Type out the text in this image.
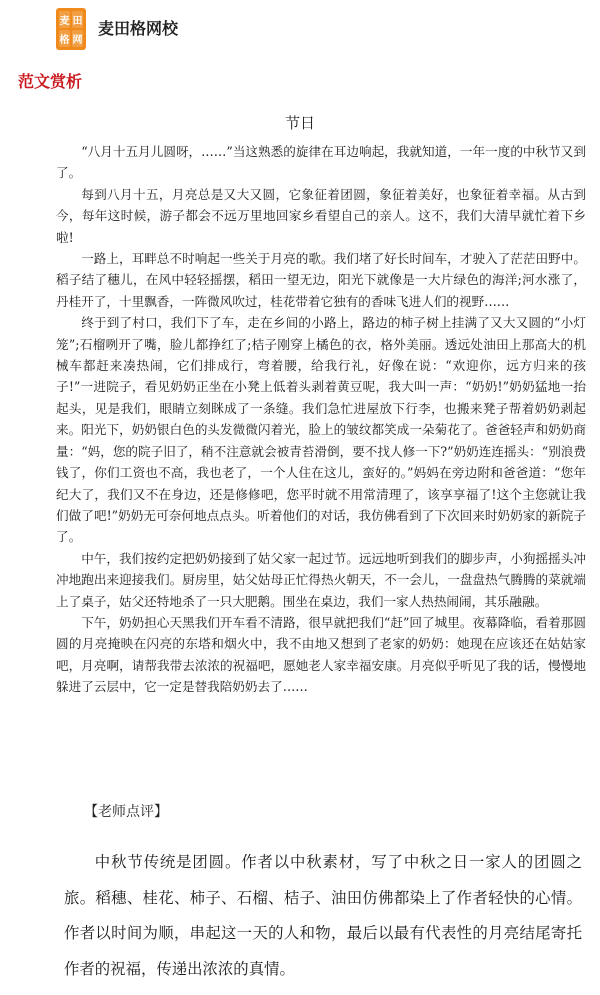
麦 田
格 网
麦田格网校
范文赏析
节日

“八月十五月儿圆呀，……”当这熟悉的旋律在耳边响起，我就知道，一年一度的中秋节又到了。

每到八月十五，月亮总是又大又圆，它象征着团圆，象征着美好，也象征着幸福。从古到今，每年这时候，游子都会不远万里地回家乡看望自己的亲人。这不，我们大清早就忙着下乡啦!

一路上，耳畔总不时响起一些关于月亮的歌。我们堵了好长时间车，才驶入了茫茫田野中。稻子结了穗儿，在风中轻轻摇摆，稻田一望无边，阳光下就像是一大片绿色的海洋;河水涨了，丹桂开了，十里飘香，一阵微风吹过，桂花带着它独有的香味飞进人们的视野……

终于到了村口，我们下了车，走在乡间的小路上，路边的柿子树上挂满了又大又圆的“小灯笼”;石榴咧开了嘴，脸儿都挣红了;桔子刚穿上橘色的衣，格外美丽。透远处油田上那高大的机械车都赶来凑热闹，它们排成行，弯着腰，给我行礼，好像在说：“欢迎你，远方归来的孩子!”一进院子，看见奶奶正坐在小凳上低着头剥着黄豆呢，我大叫一声：“奶奶!”奶奶猛地一抬起头，见是我们，眼睛立刻眯成了一条缝。我们急忙进屋放下行李，也搬来凳子帮着奶奶剥起来。阳光下，奶奶银白色的头发微微闪着光，脸上的皱纹都笑成一朵菊花了。爸爸轻声和奶奶商量：“妈，您的院子旧了，稍不注意就会被青苔滑倒，要不找人修一下?”奶奶连连摇头：“别浪费钱了，你们工资也不高，我也老了，一个人住在这儿，蛮好的。”妈妈在旁边附和爸爸道：“您年纪大了，我们又不在身边，还是修修吧，您平时就不用常清理了，该享享福了!这个主您就让我们做了吧!”奶奶无可奈何地点点头。听着他们的对话，我仿佛看到了下次回来时奶奶家的新院子了。

中午，我们按约定把奶奶接到了姑父家一起过节。远远地听到我们的脚步声，小狗摇摇头冲冲地跑出来迎接我们。厨房里，姑父姑母正忙得热火朝天，不一会儿，一盘盘热气腾腾的菜就端上了桌子，姑父还特地杀了一只大肥鹅。围坐在桌边，我们一家人热热闹闹，其乐融融。

下午，奶奶担心天黑我们开车看不清路，很早就把我们“赶”回了城里。夜幕降临，看着那圆圆的月亮掩映在闪亮的东塔和烟火中，我不由地又想到了老家的奶奶：她现在应该还在姑姑家吧，月亮啊，请帮我带去浓浓的祝福吧，愿她老人家幸福安康。月亮似乎听见了我的话，慢慢地躲进了云层中，它一定是替我陪奶奶去了……

【老师点评】

中秋节传统是团圆。作者以中秋素材，写了中秋之日一家人的团圆之旅。稻穗、桂花、柿子、石榴、桔子、油田仿佛都染上了作者轻快的心情。作者以时间为顺，串起这一天的人和物，最后以最有代表性的月亮结尾寄托作者的祝福，传递出浓浓的真情。
